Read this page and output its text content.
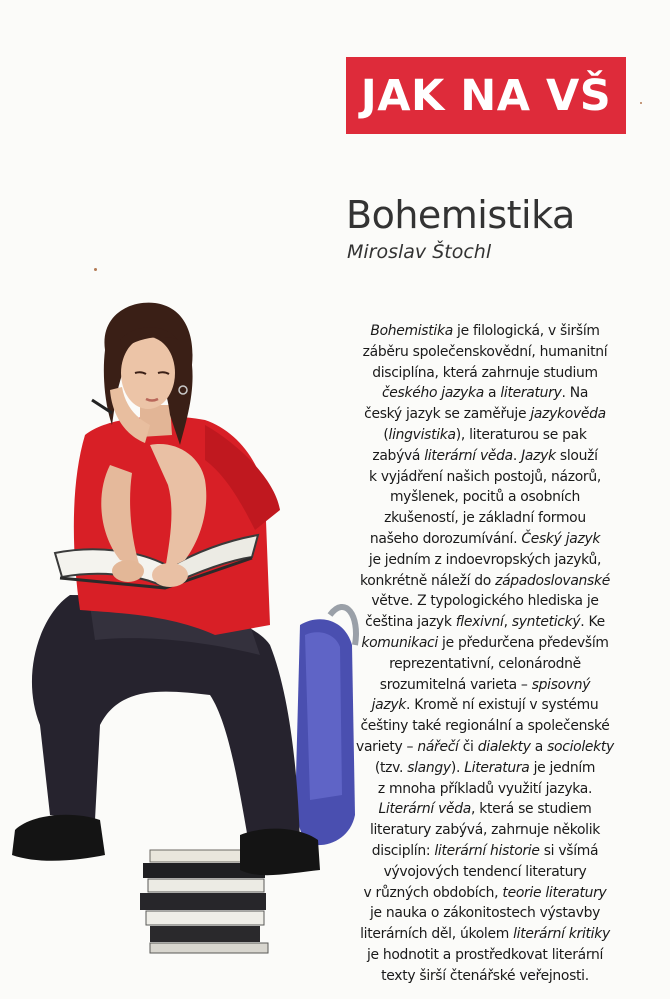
JAK NA VŠ
Bohemistika
Miroslav Štochl

Bohemistika je filologická, v širším
záběru společenskovědní, humanitní
disciplína, která zahrnuje studium
českého jazyka a literatury. Na
český jazyk se zaměřuje jazykověda
(lingvistika), literaturou se pak
zabývá literární věda. Jazyk slouží
k vyjádření našich postojů, názorů,
myšlenek, pocitů a osobních
zkušeností, je základní formou
našeho dorozumívání. Český jazyk
je jedním z indoevropských jazyků,
konkrétně náleží do západoslovanské
větve. Z typologického hlediska je
čeština jazyk flexivní, syntetický. Ke
komunikaci je předurčena především
reprezentativní, celonárodně
srozumitelná varieta – spisovný
jazyk. Kromě ní existují v systému
češtiny také regionální a společenské
variety – nářečí či dialekty a sociolekty
(tzv. slangy). Literatura je jedním
z mnoha příkladů využití jazyka.
Literární věda, která se studiem
literatury zabývá, zahrnuje několik
disciplín: literární historie si všímá
vývojových tendencí literatury
v různých obdobích, teorie literatury
je nauka o zákonitostech výstavby
literárních děl, úkolem literární kritiky
je hodnotit a prostředkovat literární
texty širší čtenářské veřejnosti.
